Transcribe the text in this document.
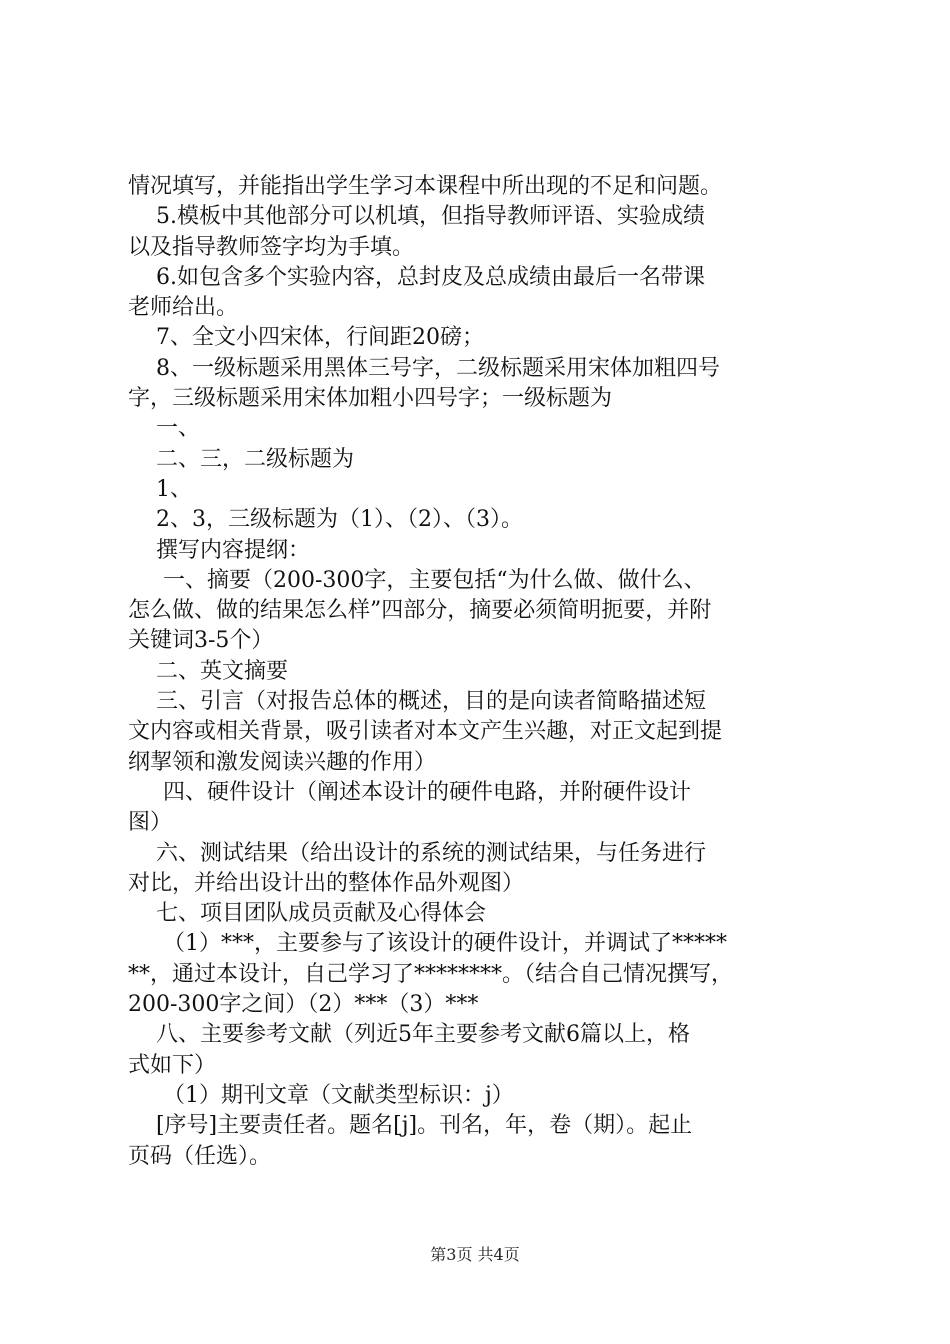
情况填写，并能指出学生学习本课程中所出现的不足和问题。
5.模板中其他部分可以机填，但指导教师评语、实验成绩
以及指导教师签字均为手填。
6.如包含多个实验内容，总封皮及总成绩由最后一名带课
老师给出。
7、全文小四宋体，行间距20磅；
8、一级标题采用黑体三号字，二级标题采用宋体加粗四号
字，三级标题采用宋体加粗小四号字；一级标题为
一、
二、三，二级标题为
1、
2、3，三级标题为（1）、（2）、（3）。
撰写内容提纲：
一、摘要（200-300字，主要包括“为什么做、做什么、
怎么做、做的结果怎么样”四部分，摘要必须简明扼要，并附
关键词3-5个）
二、英文摘要
三、引言（对报告总体的概述，目的是向读者简略描述短
文内容或相关背景，吸引读者对本文产生兴趣，对正文起到提
纲挈领和激发阅读兴趣的作用）
四、硬件设计（阐述本设计的硬件电路，并附硬件设计
图）
六、测试结果（给出设计的系统的测试结果，与任务进行
对比，并给出设计出的整体作品外观图）
七、项目团队成员贡献及心得体会
（1）***，主要参与了该设计的硬件设计，并调试了*****
**，通过本设计，自己学习了********。（结合自己情况撰写，
200-300字之间）（2）***（3）***
八、主要参考文献（列近5年主要参考文献6篇以上，格
式如下）
（1）期刊文章（文献类型标识：j）
[序号]主要责任者。题名[j]。刊名，年，卷（期）。起止
页码（任选）。
第3页 共4页
